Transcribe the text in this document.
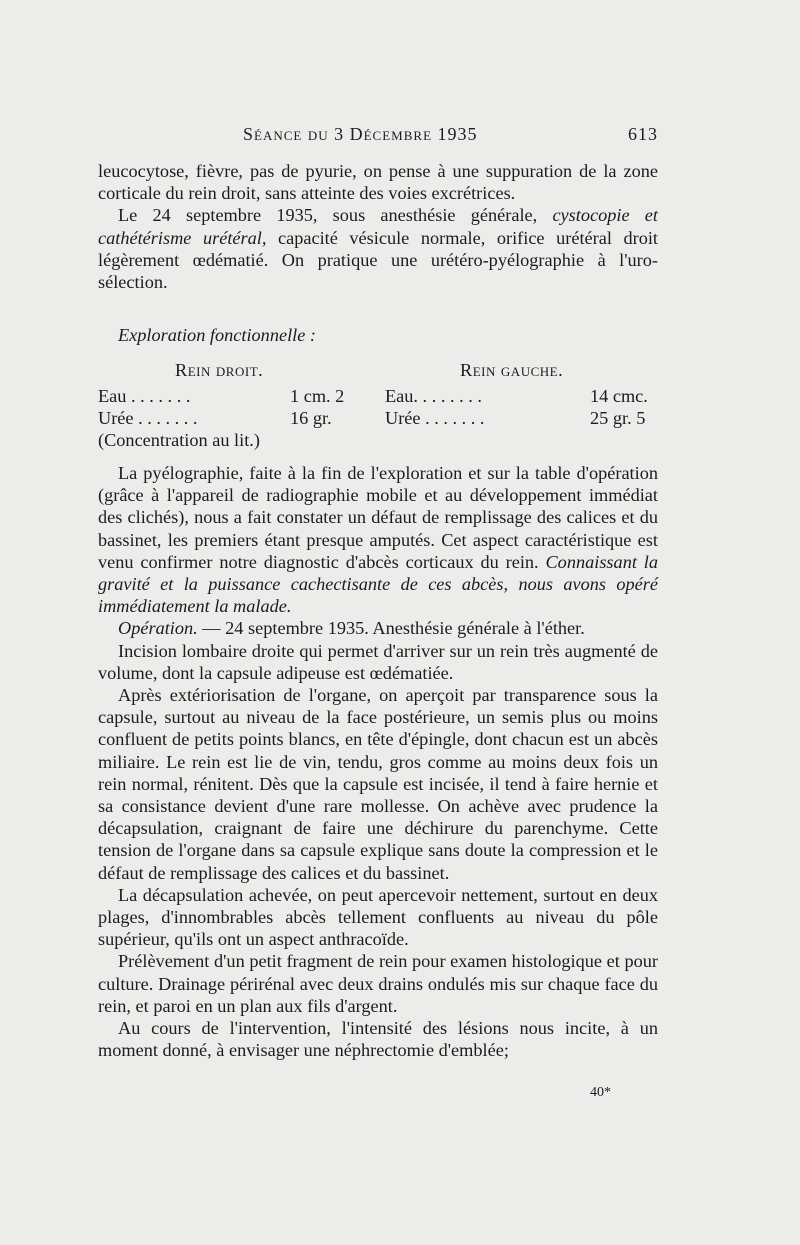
Séance du 3 Décembre 1935	613

leucocytose, fièvre, pas de pyurie, on pense à une suppuration de la zone corticale du rein droit, sans atteinte des voies excrétrices.

Le 24 septembre 1935, sous anesthésie générale, cystocopie et cathétérisme urétéral, capacité vésicule normale, orifice urétéral droit légèrement œdématié. On pratique une urétéro-pyélographie à l'uro-sélection.

Exploration fonctionnelle :
Rein droit.	Rein gauche.
Eau . . . . . . .	1 cm. 2 Eau. . . . . . . .	14 cmc.
Urée . . . . . . .	16 gr.	Urée . . . . . . .	25 gr. 5
(Concentration au lit.)

La pyélographie, faite à la fin de l'exploration et sur la table d'opération (grâce à l'appareil de radiographie mobile et au développement immédiat des clichés), nous a fait constater un défaut de remplissage des calices et du bassinet, les premiers étant presque amputés. Cet aspect caractéristique est venu confirmer notre diagnostic d'abcès corticaux du rein. Connaissant la gravité et la puissance cachectisante de ces abcès, nous avons opéré immédiatement la malade.

Opération. — 24 septembre 1935. Anesthésie générale à l'éther.

Incision lombaire droite qui permet d'arriver sur un rein très augmenté de volume, dont la capsule adipeuse est œdématiée.

Après extériorisation de l'organe, on aperçoit par transparence sous la capsule, surtout au niveau de la face postérieure, un semis plus ou moins confluent de petits points blancs, en tête d'épingle, dont chacun est un abcès miliaire. Le rein est lie de vin, tendu, gros comme au moins deux fois un rein normal, rénitent. Dès que la capsule est incisée, il tend à faire hernie et sa consistance devient d'une rare mollesse. On achève avec prudence la décapsulation, craignant de faire une déchirure du parenchyme. Cette tension de l'organe dans sa capsule explique sans doute la compression et le défaut de remplissage des calices et du bassinet.

La décapsulation achevée, on peut apercevoir nettement, surtout en deux plages, d'innombrables abcès tellement confluents au niveau du pôle supérieur, qu'ils ont un aspect anthracoïde.

Prélèvement d'un petit fragment de rein pour examen histologique et pour culture. Drainage périrénal avec deux drains ondulés mis sur chaque face du rein, et paroi en un plan aux fils d'argent.

Au cours de l'intervention, l'intensité des lésions nous incite, à un moment donné, à envisager une néphrectomie d'emblée;

40*
